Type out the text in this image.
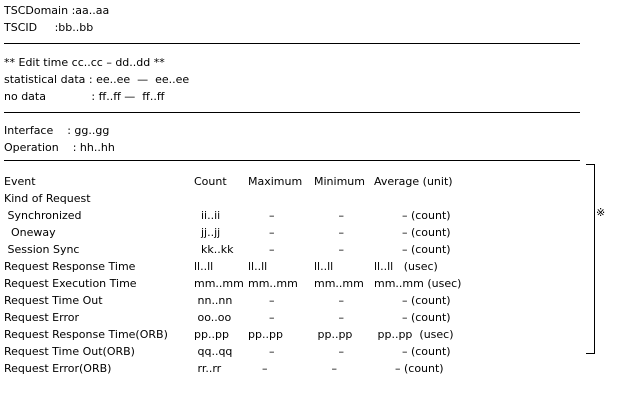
TSCDomain :aa..aa
TSCID     :bb..bb
** Edit time cc..cc – dd..dd **
statistical data : ee..ee  —  ee..ee
no data             : ff..ff —  ff..ff
Interface    : gg..gg
Operation    : hh..hh
※
Event	Count Maximum Minimum Average (unit)
Kind of Request
Synchronized	ii..ii	–	–	– (count)
Oneway	jj..jj	–	–	– (count)
Session Sync	kk..kk –	–	– (count)
Request Response Time	ll..ll	ll..ll	ll..ll	ll..ll   (usec)
Request Execution Time	mm..mm mm..mm mm..mm mm..mm (usec)
Request Time Out	nn..nn –	–	– (count)
Request Error	oo..oo –	–	– (count)
Request Response Time(ORB) pp..pp pp..pp	pp..pp pp..pp  (usec)
Request Time Out(ORB)	qq..qq –	–	– (count)
Request Error(ORB)	rr..rr –	–	– (count)
